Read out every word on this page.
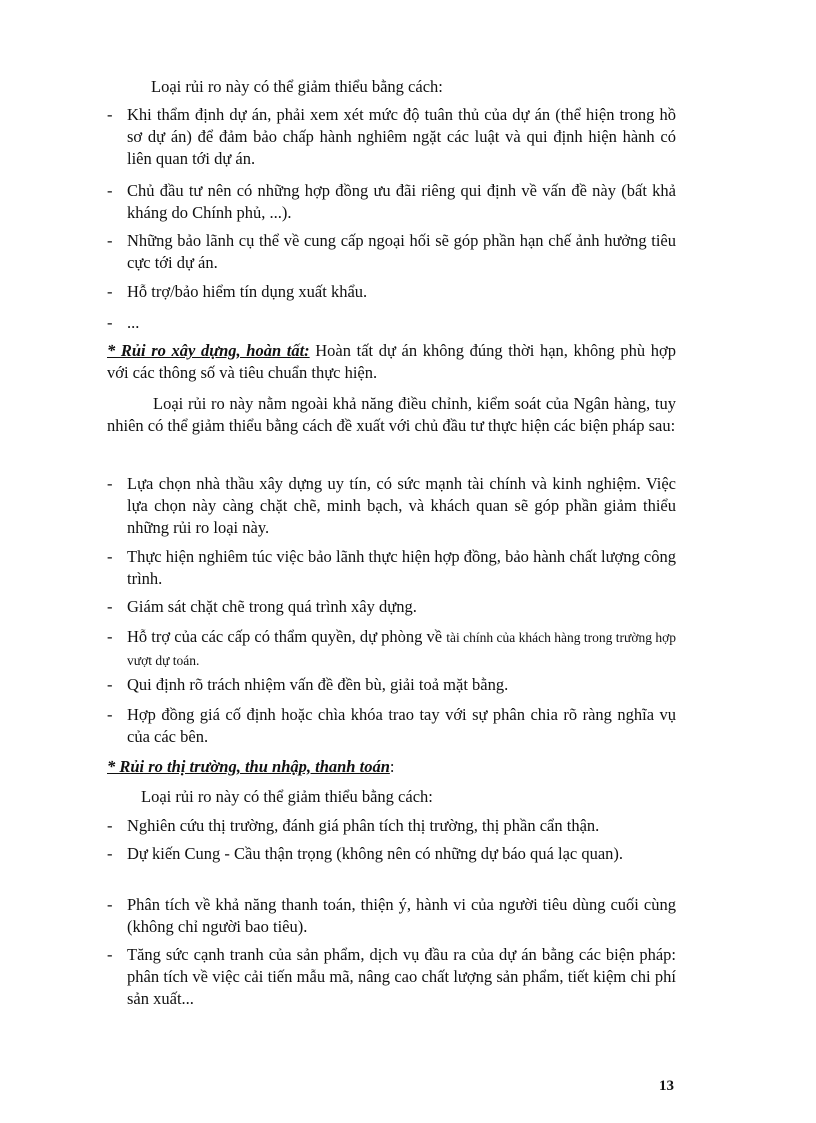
Loại rủi ro này có thể giảm thiểu bằng cách:
- Khi thẩm định dự án, phải xem xét mức độ tuân thủ của dự án (thể hiện trong hồ sơ dự án) để đảm bảo chấp hành nghiêm ngặt các luật và qui định hiện hành có liên quan tới dự án.
- Chủ đầu tư nên có những hợp đồng ưu đãi riêng qui định về vấn đề này (bất khả kháng do Chính phủ, ...).
- Những bảo lãnh cụ thể về cung cấp ngoại hối sẽ góp phần hạn chế ảnh hưởng tiêu cực tới dự án.
- Hỗ trợ/bảo hiểm tín dụng xuất khẩu.
- ...
* Rủi ro xây dựng, hoàn tất: Hoàn tất dự án không đúng thời hạn, không phù hợp với các thông số và tiêu chuẩn thực hiện.
Loại rủi ro này nằm ngoài khả năng điều chỉnh, kiểm soát của Ngân hàng, tuy nhiên có thể giảm thiểu bằng cách đề xuất với chủ đầu tư thực hiện các biện pháp sau:
- Lựa chọn nhà thầu xây dựng uy tín, có sức mạnh tài chính và kinh nghiệm. Việc lựa chọn này càng chặt chẽ, minh bạch, và khách quan sẽ góp phần giảm thiểu những rủi ro loại này.
- Thực hiện nghiêm túc việc bảo lãnh thực hiện hợp đồng, bảo hành chất lượng công trình.
- Giám sát chặt chẽ trong quá trình xây dựng.
- Hỗ trợ của các cấp có thẩm quyền, dự phòng về tài chính của khách hàng trong trường hợp vượt dự toán.
- Qui định rõ trách nhiệm vấn đề đền bù, giải toả mặt bằng.
- Hợp đồng giá cố định hoặc chìa khóa trao tay với sự phân chia rõ ràng nghĩa vụ của các bên.
* Rủi ro thị trường, thu nhập, thanh toán:
Loại rủi ro này có thể giảm thiểu bằng cách:
- Nghiên cứu thị trường, đánh giá phân tích thị trường, thị phần cẩn thận.
- Dự kiến Cung - Cầu thận trọng (không nên có những dự báo quá lạc quan).
- Phân tích về khả năng thanh toán, thiện ý, hành vi của người tiêu dùng cuối cùng (không chỉ người bao tiêu).
- Tăng sức cạnh tranh của sản phẩm, dịch vụ đầu ra của dự án bằng các biện pháp: phân tích về việc cải tiến mẫu mã, nâng cao chất lượng sản phẩm, tiết kiệm chi phí sản xuất...
13
